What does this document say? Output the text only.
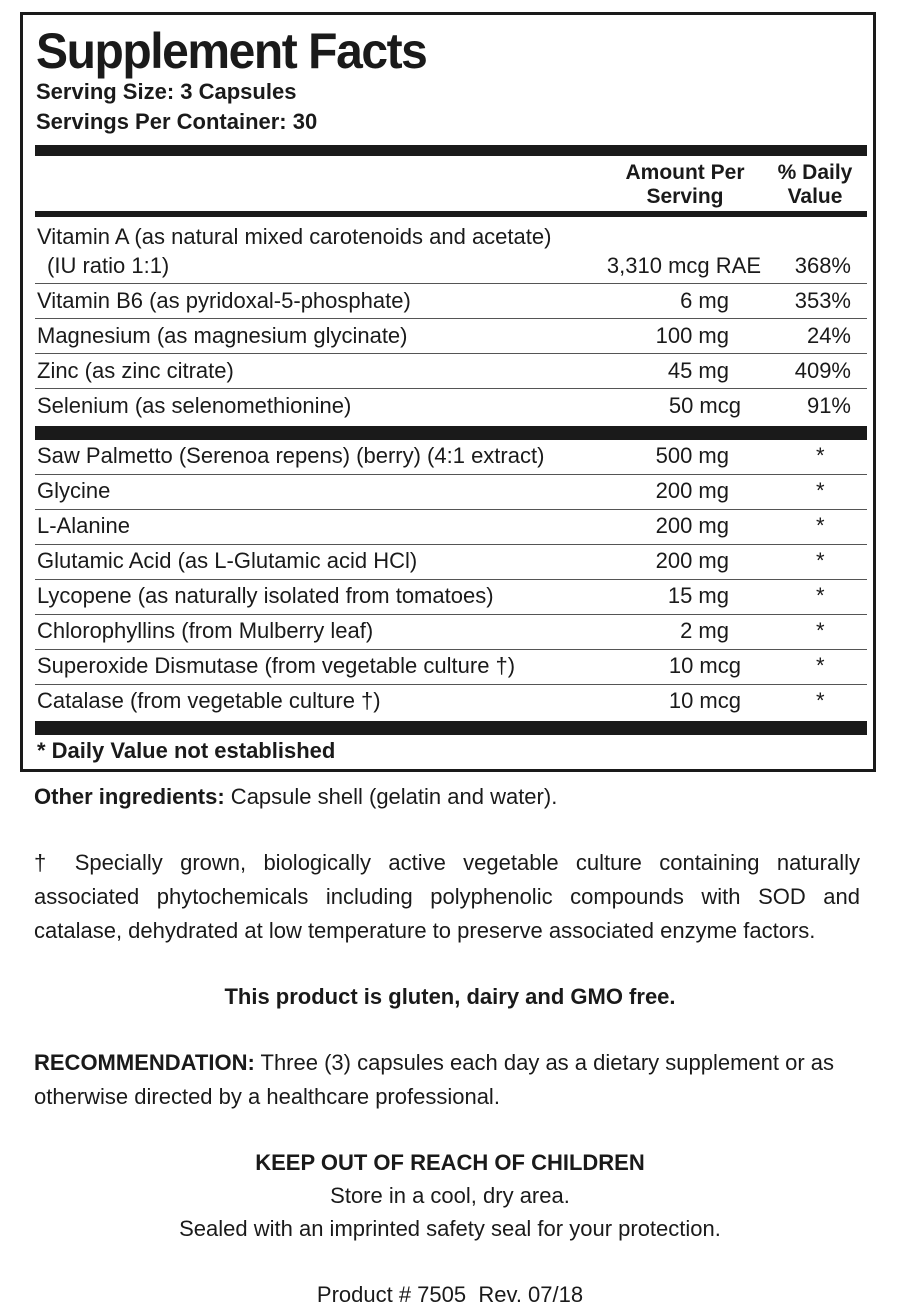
Supplement Facts
Serving Size: 3 Capsules
Servings Per Container: 30
Amount Per
Serving
% Daily
Value
Vitamin A (as natural mixed carotenoids and acetate)
(IU ratio 1:1)	3,310 mcg RAE 368%
Vitamin B6 (as pyridoxal-5-phosphate)	6 mg	353%
Magnesium (as magnesium glycinate)	100 mg	24%
Zinc (as zinc citrate)	45 mg	409%
Selenium (as selenomethionine)	50 mcg	91%
Saw Palmetto (Serenoa repens) (berry) (4:1 extract)	500 mg	*
Glycine	200 mg	*
L-Alanine	200 mg	*
Glutamic Acid (as L-Glutamic acid HCl)	200 mg	*
Lycopene (as naturally isolated from tomatoes)	15 mg	*
Chlorophyllins (from Mulberry leaf)	2 mg	*
Superoxide Dismutase (from vegetable culture †)	10 mcg	*
Catalase (from vegetable culture †)	10 mcg	*
* Daily Value not established
Other ingredients: Capsule shell (gelatin and water).
† Specially grown, biologically active vegetable culture containing naturally associated phytochemicals including polyphenolic compounds with SOD and catalase, dehydrated at low temperature to preserve associated enzyme factors.
This product is gluten, dairy and GMO free.
RECOMMENDATION: Three (3) capsules each day as a dietary supplement or as otherwise directed by a healthcare professional.
KEEP OUT OF REACH OF CHILDREN
Store in a cool, dry area.
Sealed with an imprinted safety seal for your protection.
Product # 7505  Rev. 07/18
